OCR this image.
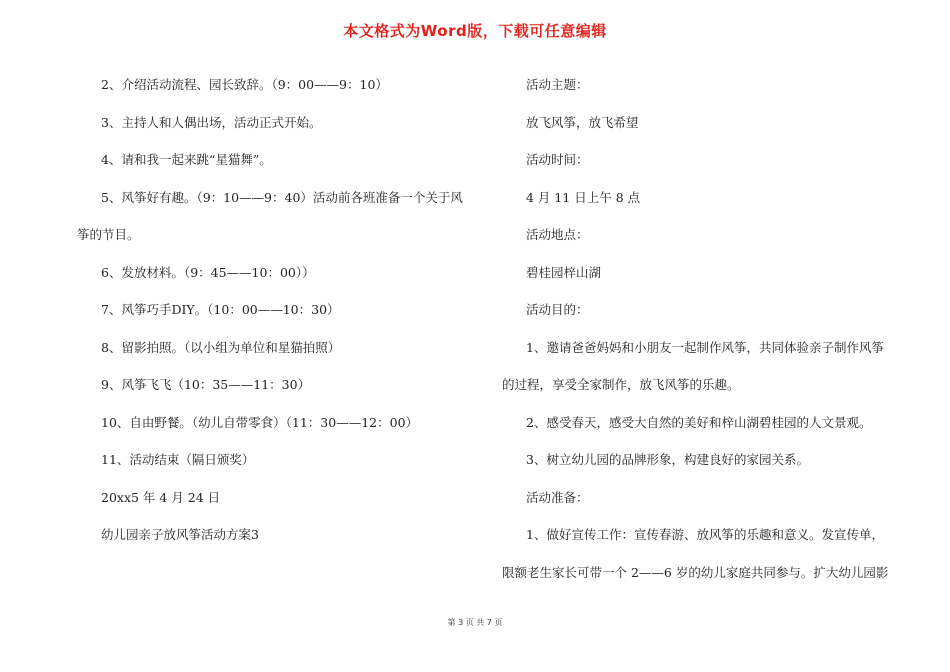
本文格式为Word版，下载可任意编辑

2、介绍活动流程、园长致辞。（9：00——9：10）

3、主持人和人偶出场，活动正式开始。

4、请和我一起来跳“星猫舞”。

5、风筝好有趣。（9：10——9：40）活动前各班准备一个关于风

筝的节目。

6、发放材料。（9：45——10：00））

7、风筝巧手DIY。（10：00——10：30）

8、留影拍照。（以小组为单位和星猫拍照）

9、风筝飞飞（10：35——11：30）

10、自由野餐。（幼儿自带零食）（11：30——12：00）

11、活动结束（隔日颁奖）

20xx5 年 4 月 24 日

幼儿园亲子放风筝活动方案3

活动主题：

放飞风筝，放飞希望

活动时间：

4 月 11 日上午 8 点

活动地点：

碧桂园梓山湖

活动目的：

1、邀请爸爸妈妈和小朋友一起制作风筝，共同体验亲子制作风筝

的过程，享受全家制作，放飞风筝的乐趣。

2、感受春天，感受大自然的美好和梓山湖碧桂园的人文景观。

3、树立幼儿园的品牌形象，构建良好的家园关系。

活动准备：

1、做好宣传工作：宣传春游、放风筝的乐趣和意义。发宣传单，

限额老生家长可带一个 2——6 岁的幼儿家庭共同参与。扩大幼儿园影

第 3 页 共 7 页
